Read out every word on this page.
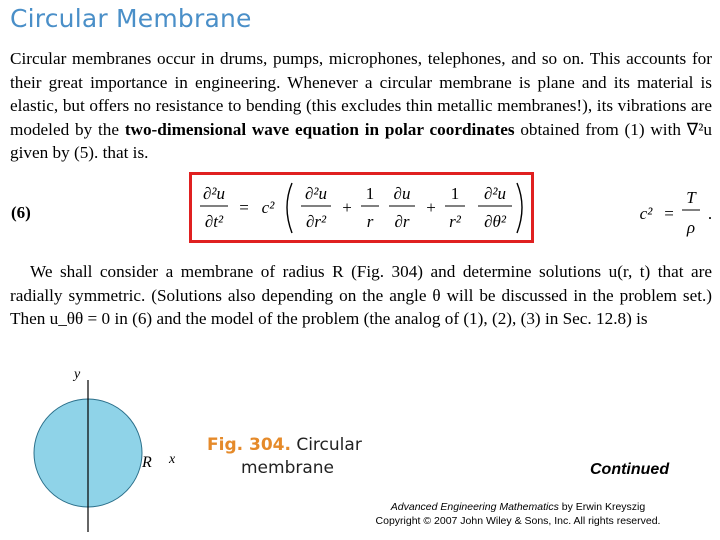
Circular Membrane

Circular membranes occur in drums, pumps, microphones, telephones, and so on. This accounts for their great importance in engineering. Whenever a circular membrane is plane and its material is elastic, but offers no resistance to bending (this excludes thin metallic membranes!), its vibrations are modeled by the two-dimensional wave equation in polar coordinates obtained from (1) with ∇²u given by (5). that is.

(6)
∂²u
∂t²
= c²
∂²u
∂r²
+
1
r
∂u
∂r
+
1
r²
∂²u
∂θ²	c² =
T
ρ
.

We shall consider a membrane of radius R (Fig. 304) and determine solutions u(r, t) that are radially symmetric. (Solutions also depending on the angle θ will be discussed in the problem set.) Then u_θθ = 0 in (6) and the model of the problem (the analog of (1), (2), (3) in Sec. 12.8) is

y
R x
Fig. 304. Circular
membrane	Continued
Advanced Engineering Mathematics by Erwin Kreyszig
Copyright © 2007 John Wiley & Sons, Inc. All rights reserved.
